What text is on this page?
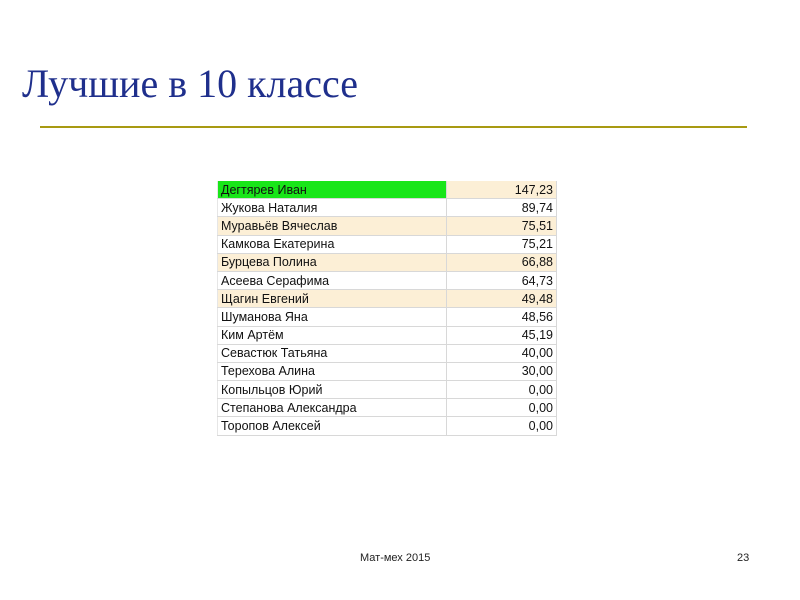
Лучшие в 10 классе
Дегтярев Иван	147,23
Жукова Наталия	89,74
Муравьёв Вячеслав	75,51
Камкова Екатерина	75,21
Бурцева Полина	66,88
Асеева Серафима	64,73
Щагин Евгений	49,48
Шуманова Яна	48,56
Ким Артём	45,19
Севастюк Татьяна	40,00
Терехова Алина	30,00
Копыльцов Юрий	0,00
Степанова Александра	0,00
Торопов Алексей	0,00
Мат-мех 2015	23
